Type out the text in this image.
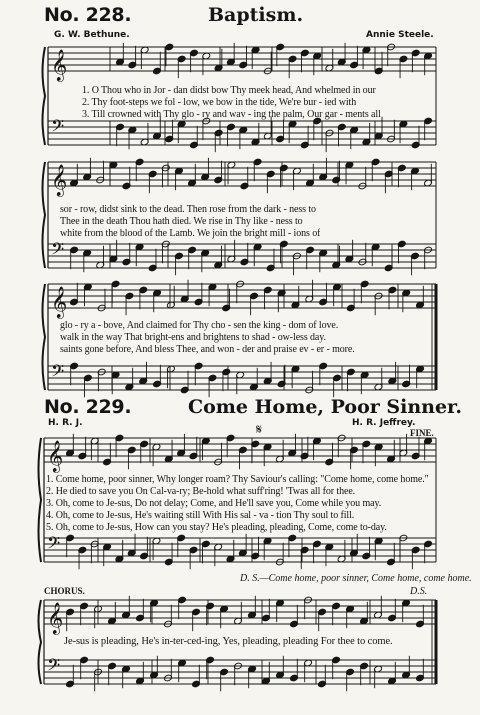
𝄞
𝄢
𝄞
𝄢
𝄞
𝄢
𝄞
𝄢
𝄞
𝄢
No. 228.	Baptism.
G. W. Bethune.	Annie Steele.
1. O Thou who in Jor - dan didst bow Thy meek head, And whelmed in our
2. Thy foot-steps we fol - low, we bow in the tide, We're bur - ied with
3. Till crowned with Thy glo - ry and wav - ing the palm, Our gar - ments all
sor - row, didst sink to the dead. Then rose from the dark - ness to
Thee in the death Thou hath died. We rise in Thy like - ness to
white from the blood of the Lamb. We join the bright mill - ions of
glo - ry a - bove, And claimed for Thy cho - sen the king - dom of love.
walk in the way That bright-ens and brightens to shad - ow-less day.
saints gone before, And bless Thee, and won - der and praise ev - er - more.
No. 229.	Come Home, Poor Sinner.
H. R. J.	H. R. Jeffrey.
𝄋	FINE.
1. Come home, poor sinner, Why longer roam? Thy Saviour's calling: "Come home, come home."
2. He died to save you On Cal-va-ry; Be-hold what suff'ring! 'Twas all for thee.
3. Oh, come to Je-sus, Do not delay; Come, and He'll save you, Come while you may.
4. Oh, come to Je-sus, He's waiting still With His sal - va - tion Thy soul to fill.
5. Oh, come to Je-sus, How can you stay? He's pleading, pleading, Come, come to-day.
D. S.—Come home, poor sinner, Come home, come home.
CHORUS.	D.S.
Je-sus is pleading, He's in-ter-ced-ing, Yes, pleading, pleading For thee to come.
